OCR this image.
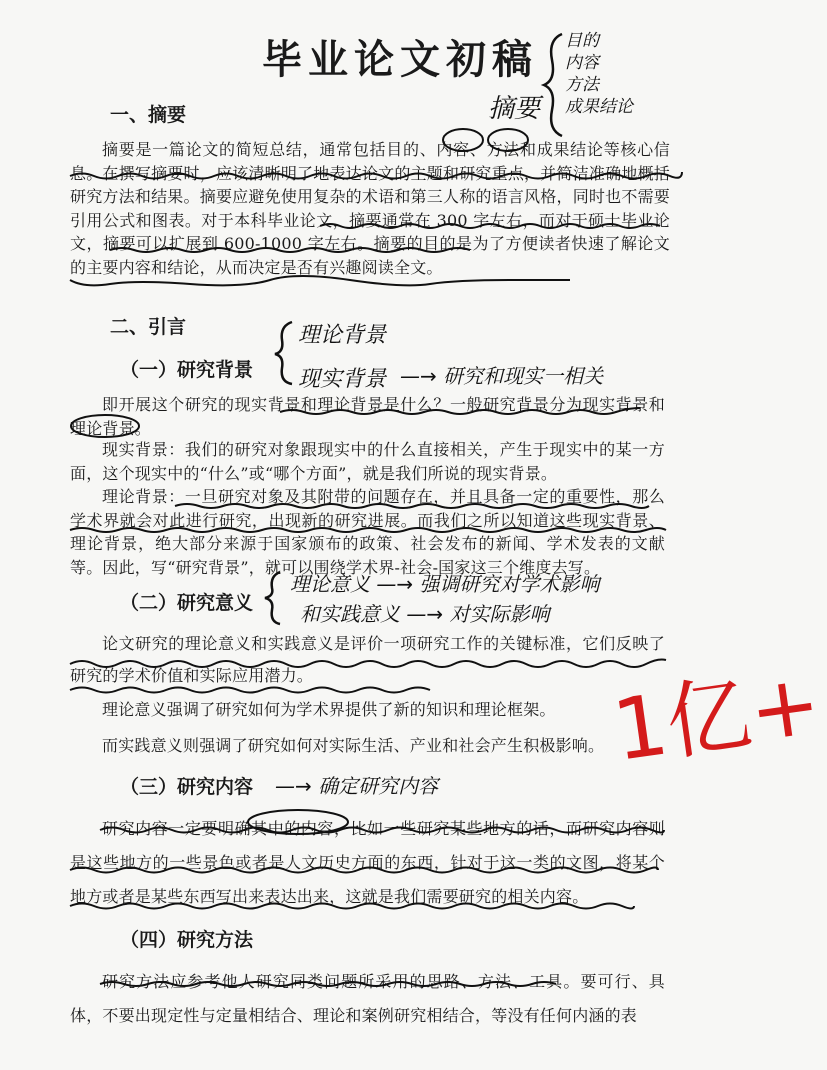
毕业论文初稿
一、摘要
摘要是一篇论文的简短总结，通常包括目的、内容、方法和成果结论等核心信息。在撰写摘要时，应该清晰明了地表达论文的主题和研究重点，并简洁准确地概括研究方法和结果。摘要应避免使用复杂的术语和第三人称的语言风格，同时也不需要引用公式和图表。对于本科毕业论文，摘要通常在 300 字左右，而对于硕士毕业论文，摘要可以扩展到 600-1000 字左右。摘要的目的是为了方便读者快速了解论文的主要内容和结论，从而决定是否有兴趣阅读全文。
二、引言
（一）研究背景
即开展这个研究的现实背景和理论背景是什么？一般研究背景分为现实背景和理论背景。
现实背景：我们的研究对象跟现实中的什么直接相关，产生于现实中的某一方面，这个现实中的“什么”或“哪个方面”，就是我们所说的现实背景。
理论背景：一旦研究对象及其附带的问题存在，并且具备一定的重要性，那么学术界就会对此进行研究，出现新的研究进展。而我们之所以知道这些现实背景、理论背景，绝大部分来源于国家颁布的政策、社会发布的新闻、学术发表的文献等。因此，写“研究背景”，就可以围绕学术界-社会-国家这三个维度去写。
（二）研究意义
论文研究的理论意义和实践意义是评价一项研究工作的关键标准，它们反映了研究的学术价值和实际应用潜力。
理论意义强调了研究如何为学术界提供了新的知识和理论框架。
而实践意义则强调了研究如何对实际生活、产业和社会产生积极影响。
（三）研究内容
研究内容一定要明确其中的内容，比如一些研究某些地方的话，而研究内容则是这些地方的一些景色或者是人文历史方面的东西，针对于这一类的文图，将某个地方或者是某些东西写出来表达出来，这就是我们需要研究的相关内容。
（四）研究方法
研究方法应参考他人研究同类问题所采用的思路、方法、工具。要可行、具体，不要出现定性与定量相结合、理论和案例研究相结合，等没有任何内涵的表
摘要
目的
内容
方法
成果结论
理论背景
现实背景 —→ 研究和现实一相关
理论意义 —→ 强调研究对学术影响
和实践意义 —→ 对实际影响
—→ 确定研究内容
1亿+
